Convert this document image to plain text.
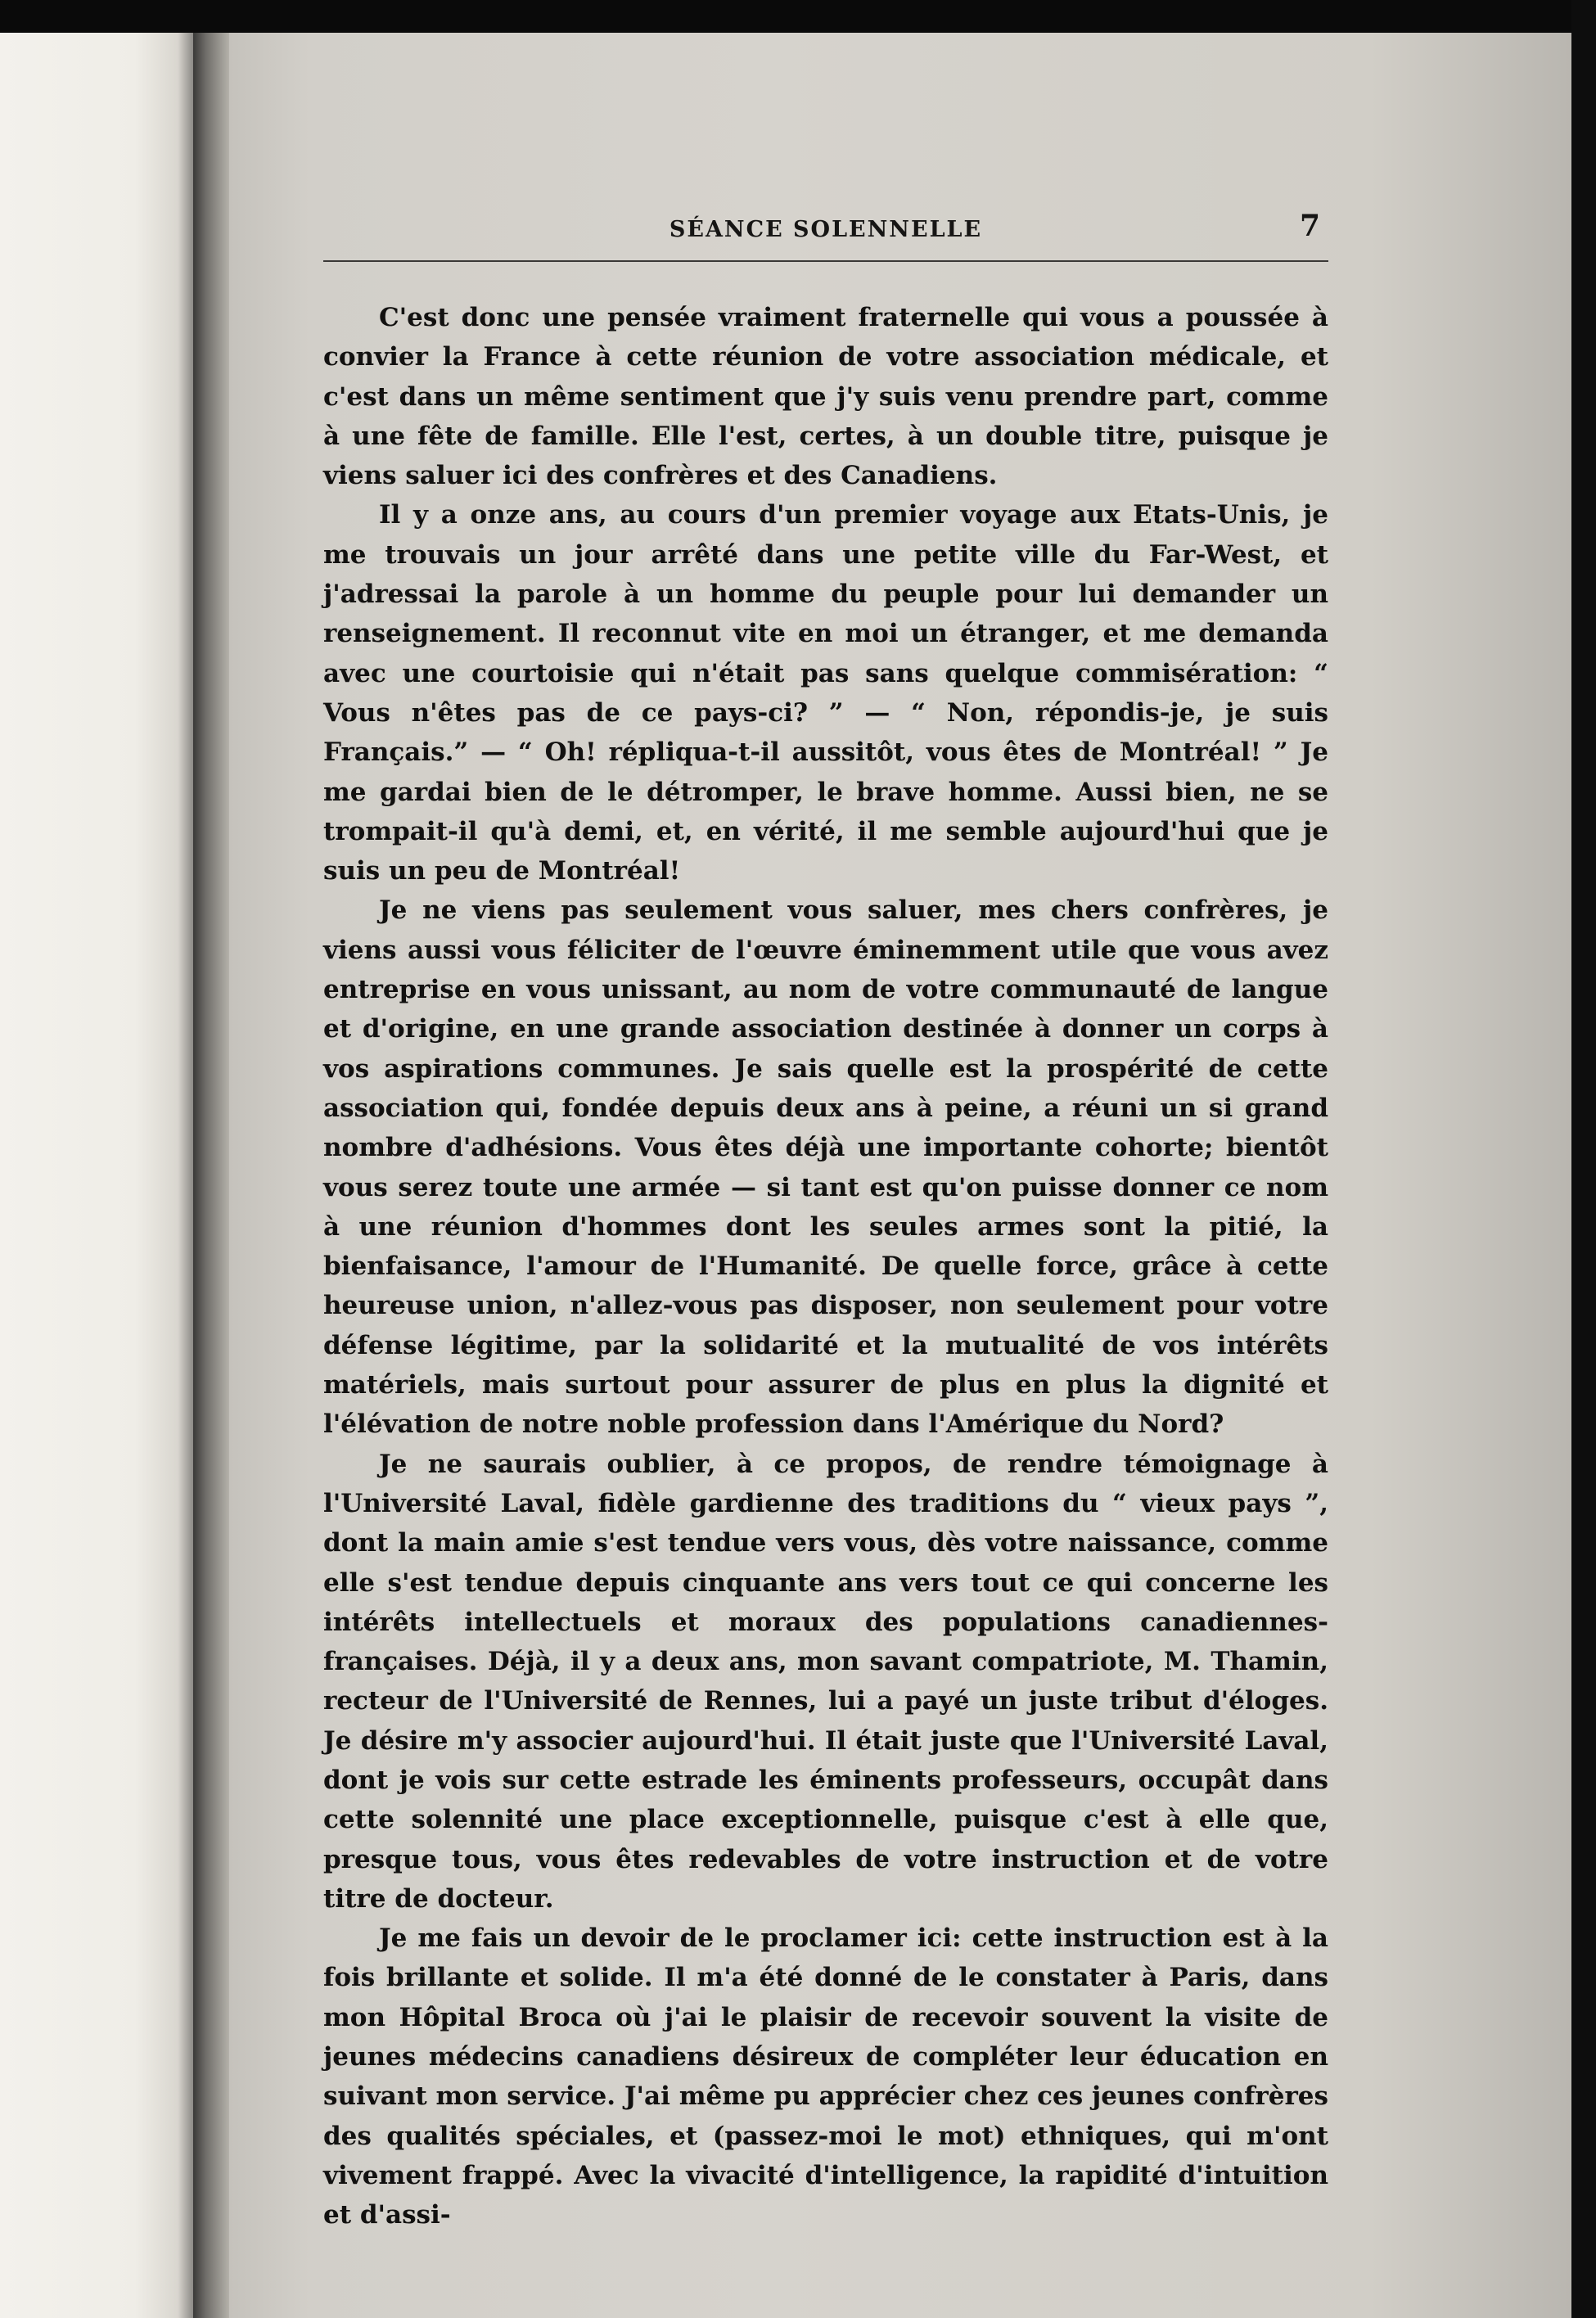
SÉANCE SOLENNELLE	7

C'est donc une pensée vraiment fraternelle qui vous a poussée à convier la France à cette réunion de votre association médicale, et c'est dans un même sentiment que j'y suis venu prendre part, comme à une fête de famille. Elle l'est, certes, à un double titre, puisque je viens saluer ici des confrères et des Canadiens.

Il y a onze ans, au cours d'un premier voyage aux Etats-Unis, je me trouvais un jour arrêté dans une petite ville du Far-West, et j'adressai la parole à un homme du peuple pour lui demander un renseignement. Il reconnut vite en moi un étranger, et me demanda avec une courtoisie qui n'était pas sans quelque commisération: “ Vous n'êtes pas de ce pays-ci? ” — “ Non, répondis-je, je suis Français.” — “ Oh! répliqua-t-il aussitôt, vous êtes de Montréal! ” Je me gardai bien de le détromper, le brave homme. Aussi bien, ne se trompait-il qu'à demi, et, en vérité, il me semble aujourd'hui que je suis un peu de Montréal!

Je ne viens pas seulement vous saluer, mes chers confrères, je viens aussi vous féliciter de l'œuvre éminemment utile que vous avez entreprise en vous unissant, au nom de votre communauté de langue et d'origine, en une grande association destinée à donner un corps à vos aspirations communes. Je sais quelle est la prospérité de cette association qui, fondée depuis deux ans à peine, a réuni un si grand nombre d'adhésions. Vous êtes déjà une importante cohorte; bientôt vous serez toute une armée — si tant est qu'on puisse donner ce nom à une réunion d'hommes dont les seules armes sont la pitié, la bienfaisance, l'amour de l'Humanité. De quelle force, grâce à cette heureuse union, n'allez-vous pas disposer, non seulement pour votre défense légitime, par la solidarité et la mutualité de vos intérêts matériels, mais surtout pour assurer de plus en plus la dignité et l'élévation de notre noble profession dans l'Amérique du Nord?

Je ne saurais oublier, à ce propos, de rendre témoignage à l'Université Laval, fidèle gardienne des traditions du “ vieux pays ”, dont la main amie s'est tendue vers vous, dès votre naissance, comme elle s'est tendue depuis cinquante ans vers tout ce qui concerne les intérêts intellectuels et moraux des populations canadiennes-françaises. Déjà, il y a deux ans, mon savant compatriote, M. Thamin, recteur de l'Université de Rennes, lui a payé un juste tribut d'éloges. Je désire m'y associer aujourd'hui. Il était juste que l'Université Laval, dont je vois sur cette estrade les éminents professeurs, occupât dans cette solennité une place exceptionnelle, puisque c'est à elle que, presque tous, vous êtes redevables de votre instruction et de votre titre de docteur.

Je me fais un devoir de le proclamer ici: cette instruction est à la fois brillante et solide. Il m'a été donné de le constater à Paris, dans mon Hôpital Broca où j'ai le plaisir de recevoir souvent la visite de jeunes médecins canadiens désireux de compléter leur éducation en suivant mon service. J'ai même pu apprécier chez ces jeunes confrères des qualités spéciales, et (passez-moi le mot) ethniques, qui m'ont vivement frappé. Avec la vivacité d'intelligence, la rapidité d'intuition et d'assi-
